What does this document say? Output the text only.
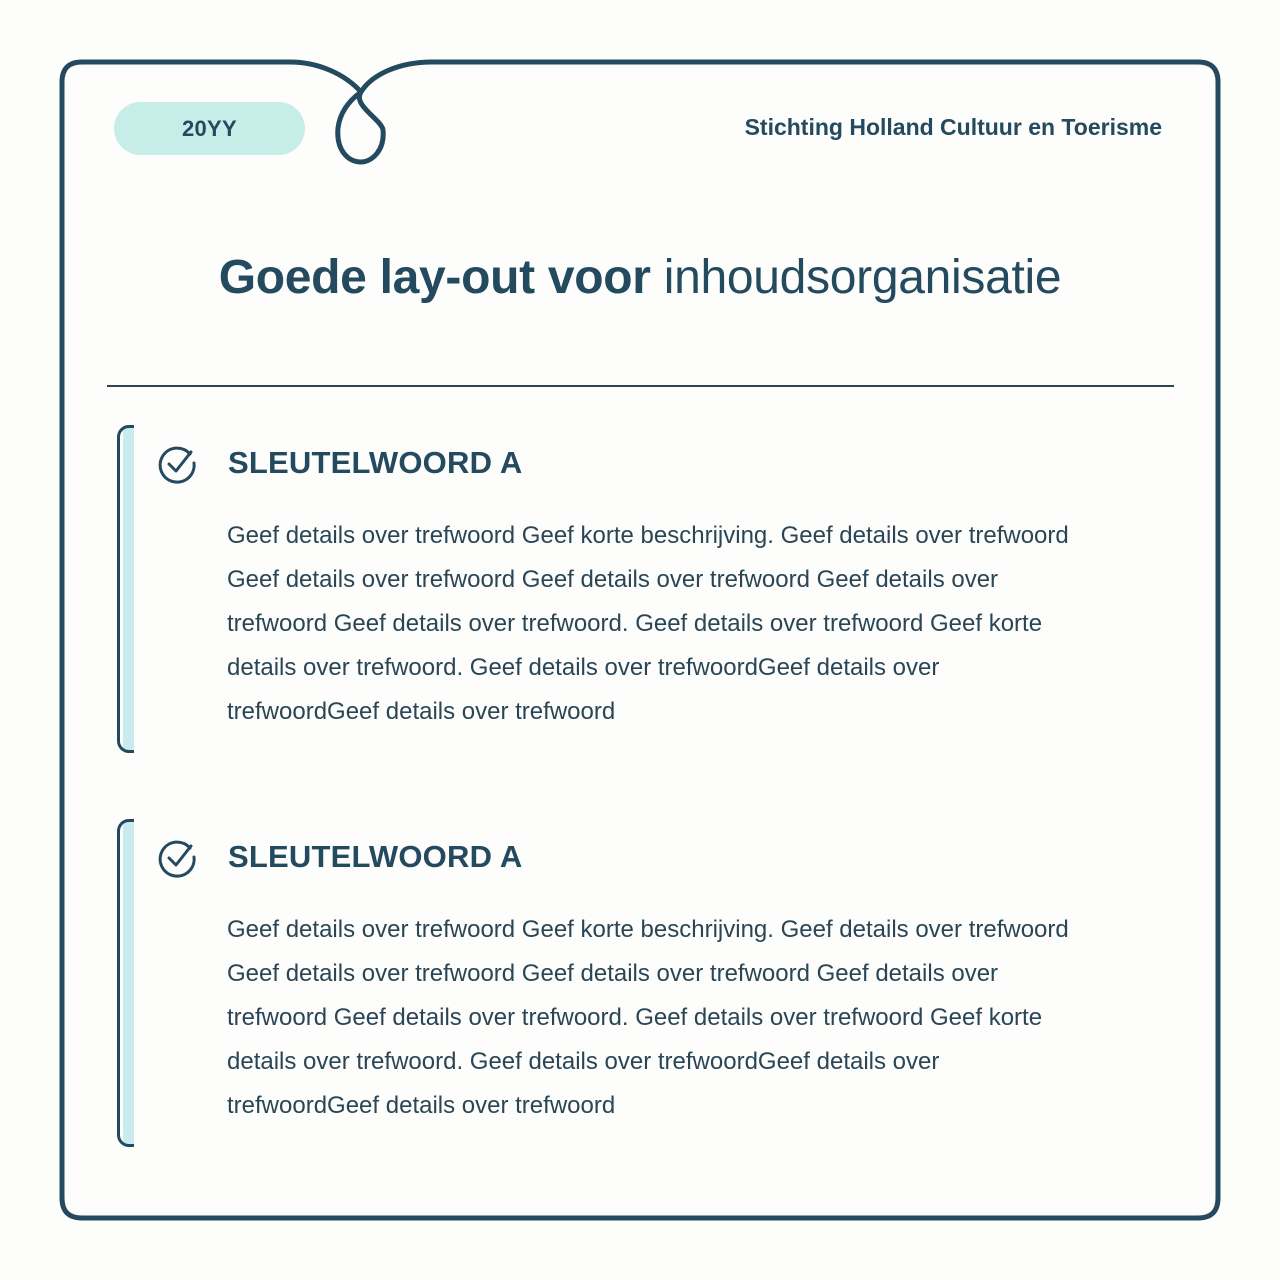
20YY	Stichting Holland Cultuur en Toerisme
Goede lay-out voor inhoudsorganisatie
SLEUTELWOORD A
Geef details over trefwoord Geef korte beschrijving. Geef details over trefwoord
Geef details over trefwoord Geef details over trefwoord Geef details over
trefwoord Geef details over trefwoord. Geef details over trefwoord Geef korte
details over trefwoord. Geef details over trefwoordGeef details over
trefwoordGeef details over trefwoord
SLEUTELWOORD A
Geef details over trefwoord Geef korte beschrijving. Geef details over trefwoord
Geef details over trefwoord Geef details over trefwoord Geef details over
trefwoord Geef details over trefwoord. Geef details over trefwoord Geef korte
details over trefwoord. Geef details over trefwoordGeef details over
trefwoordGeef details over trefwoord
